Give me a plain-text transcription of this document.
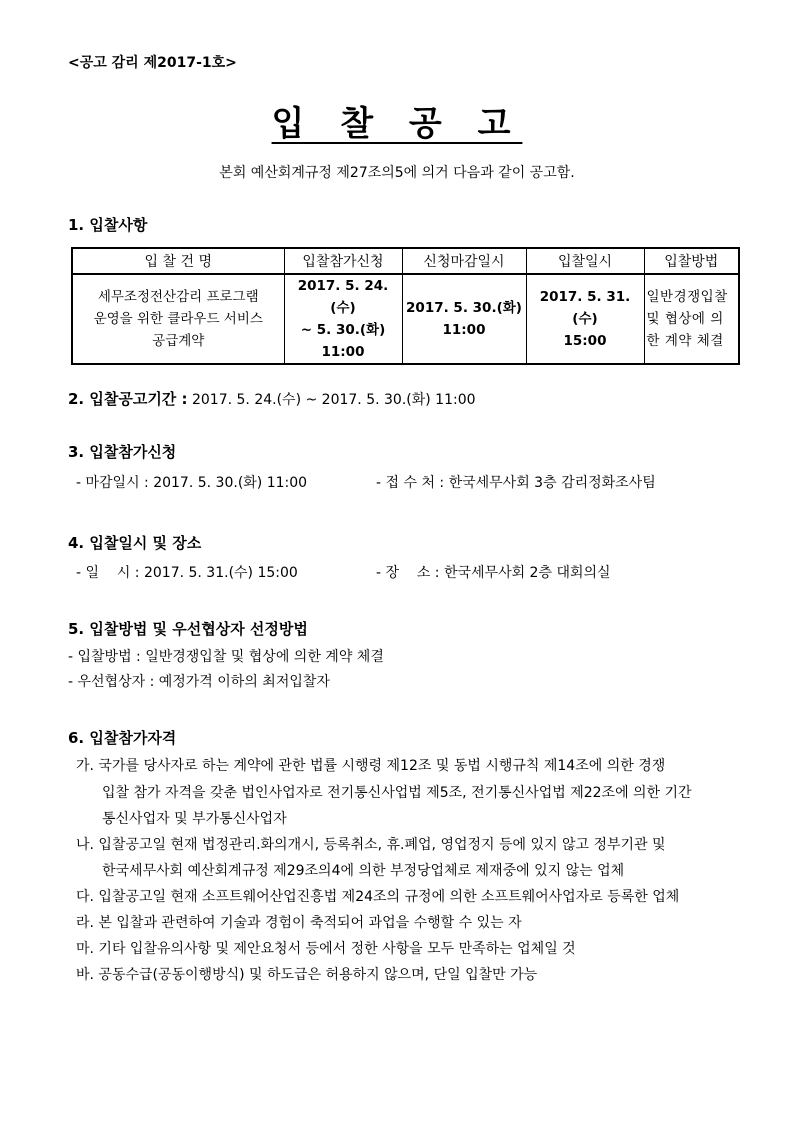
<공고 감리 제2017-1호>
입 찰 공 고
본회 예산회계규정 제27조의5에 의거 다음과 같이 공고함.
1. 입찰사항
입 찰 건 명	입찰참가신청	신청마감일시	입찰일시	입찰방법
세무조정전산감리 프로그램
운영을 위한 클라우드 서비스
공급계약	2017. 5. 24.(수)
~ 5. 30.(화) 11:00	2017. 5. 30.(화)
11:00	2017. 5. 31.(수)
15:00	일반경쟁입찰
및 협상에 의
한 계약 체결
2. 입찰공고기간 : 2017. 5. 24.(수) ~ 2017. 5. 30.(화) 11:00
3. 입찰참가신청
- 마감일시 : 2017. 5. 30.(화) 11:00	- 접 수 처 : 한국세무사회 3층 감리정화조사팀
4. 입찰일시 및 장소
- 일    시 : 2017. 5. 31.(수) 15:00	- 장    소 : 한국세무사회 2층 대회의실
5. 입찰방법 및 우선협상자 선정방법
- 입찰방법 : 일반경쟁입찰 및 협상에 의한 계약 체결
- 우선협상자 : 예정가격 이하의 최저입찰자
6. 입찰참가자격
가. 국가를 당사자로 하는 계약에 관한 법률 시행령 제12조 및 동법 시행규칙 제14조에 의한 경쟁
입찰 참가 자격을 갖춘 법인사업자로 전기통신사업법 제5조, 전기통신사업법 제22조에 의한 기간
통신사업자 및 부가통신사업자
나. 입찰공고일 현재 법정관리.화의개시, 등록취소, 휴.폐업, 영업정지 등에 있지 않고 정부기관 및
한국세무사회 예산회계규정 제29조의4에 의한 부정당업체로 제재중에 있지 않는 업체
다. 입찰공고일 현재 소프트웨어산업진흥법 제24조의 규정에 의한 소프트웨어사업자로 등록한 업체
라. 본 입찰과 관련하여 기술과 경험이 축적되어 과업을 수행할 수 있는 자
마. 기타 입찰유의사항 및 제안요청서 등에서 정한 사항을 모두 만족하는 업체일 것
바. 공동수급(공동이행방식) 및 하도급은 허용하지 않으며, 단일 입찰만 가능
